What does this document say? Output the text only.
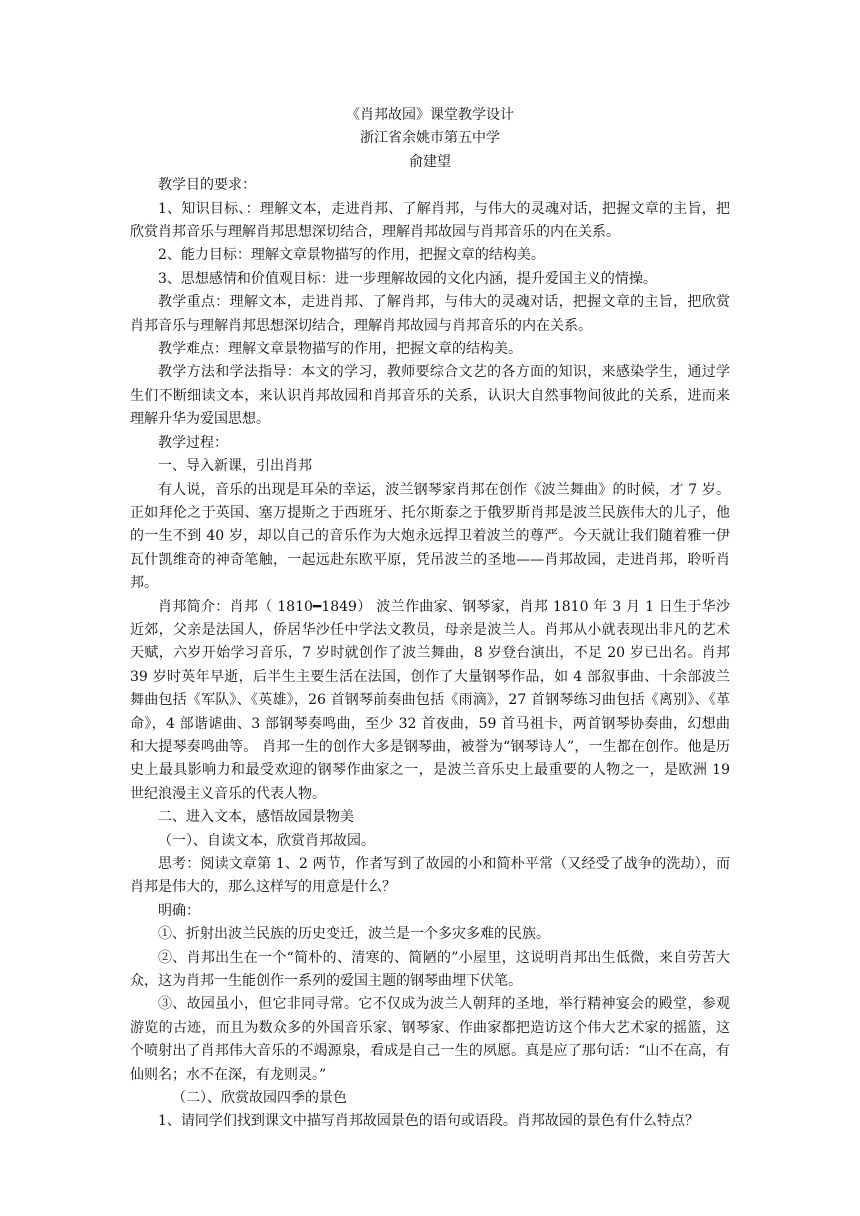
《肖邦故园》课堂教学设计
浙江省余姚市第五中学
俞建望

教学目的要求：

1、知识目标、：理解文本，走进肖邦、了解肖邦，与伟大的灵魂对话，把握文章的主旨，把欣赏肖邦音乐与理解肖邦思想深切结合，理解肖邦故园与肖邦音乐的内在关系。

2、能力目标：理解文章景物描写的作用，把握文章的结构美。

3、思想感情和价值观目标：进一步理解故园的文化内涵，提升爱国主义的情操。

教学重点：理解文本，走进肖邦、了解肖邦，与伟大的灵魂对话，把握文章的主旨，把欣赏肖邦音乐与理解肖邦思想深切结合，理解肖邦故园与肖邦音乐的内在关系。

教学难点：理解文章景物描写的作用，把握文章的结构美。

教学方法和学法指导：本文的学习，教师要综合文艺的各方面的知识，来感染学生，通过学生们不断细读文本，来认识肖邦故园和肖邦音乐的关系，认识大自然事物间彼此的关系，进而来理解升华为爱国思想。

教学过程：

一、导入新课，引出肖邦

有人说，音乐的出现是耳朵的幸运，波兰钢琴家肖邦在创作《波兰舞曲》的时候，才 7 岁。正如拜伦之于英国、塞万提斯之于西班牙、托尔斯泰之于俄罗斯肖邦是波兰民族伟大的儿子，他的一生不到 40 岁，却以自己的音乐作为大炮永远捍卫着波兰的尊严。今天就让我们随着雅一伊瓦什凯维奇的神奇笔触，一起远赴东欧平原，凭吊波兰的圣地——肖邦故园，走进肖邦，聆听肖邦。

肖邦简介：肖邦（ 1810━1849） 波兰作曲家、钢琴家，肖邦 1810 年 3 月 1 日生于华沙近郊，父亲是法国人，侨居华沙任中学法文教员，母亲是波兰人。肖邦从小就表现出非凡的艺术天赋，六岁开始学习音乐，7 岁时就创作了波兰舞曲，8 岁登台演出，不足 20 岁已出名。肖邦 39 岁时英年早逝，后半生主要生活在法国，创作了大量钢琴作品，如 4 部叙事曲、十余部波兰舞曲包括《军队》、《英雄》，26 首钢琴前奏曲包括《雨滴》，27 首钢琴练习曲包括《离别》、《革命》，4 部谐谑曲、3 部钢琴奏鸣曲，至少 32 首夜曲，59 首马祖卡，两首钢琴协奏曲，幻想曲和大提琴奏鸣曲等。 肖邦一生的创作大多是钢琴曲，被誉为“钢琴诗人”，一生都在创作。他是历史上最具影响力和最受欢迎的钢琴作曲家之一，是波兰音乐史上最重要的人物之一，是欧洲 19 世纪浪漫主义音乐的代表人物。

二、进入文本，感悟故园景物美

（一）、自读文本，欣赏肖邦故园。

思考：阅读文章第 1、2 两节，作者写到了故园的小和简朴平常（又经受了战争的洗劫），而肖邦是伟大的，那么这样写的用意是什么？

明确：

①、折射出波兰民族的历史变迁，波兰是一个多灾多难的民族。

②、肖邦出生在一个“简朴的、清寒的、简陋的”小屋里，这说明肖邦出生低微，来自劳苦大众，这为肖邦一生能创作一系列的爱国主题的钢琴曲埋下伏笔。

③、故园虽小，但它非同寻常。它不仅成为波兰人朝拜的圣地，举行精神宴会的殿堂，参观游览的古迹，而且为数众多的外国音乐家、钢琴家、作曲家都把造访这个伟大艺术家的摇篮，这个喷射出了肖邦伟大音乐的不竭源泉，看成是自己一生的夙愿。真是应了那句话：“山不在高，有仙则名；水不在深，有龙则灵。”

（二）、欣赏故园四季的景色

1、请同学们找到课文中描写肖邦故园景色的语句或语段。肖邦故园的景色有什么特点？
